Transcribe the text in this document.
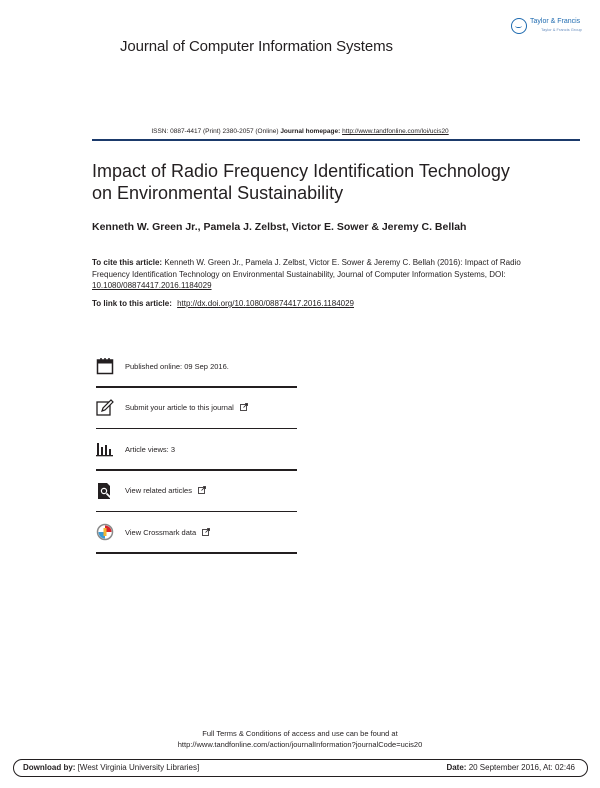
Journal of Computer Information Systems
Taylor & Francis
Taylor & Francis Group
ISSN: 0887-4417 (Print) 2380-2057 (Online) Journal homepage: http://www.tandfonline.com/loi/ucis20
Impact of Radio Frequency Identification Technology on Environmental Sustainability
Kenneth W. Green Jr., Pamela J. Zelbst, Victor E. Sower & Jeremy C. Bellah
To cite this article: Kenneth W. Green Jr., Pamela J. Zelbst, Victor E. Sower & Jeremy C. Bellah (2016): Impact of Radio Frequency Identification Technology on Environmental Sustainability, Journal of Computer Information Systems, DOI: 10.1080/08874417.2016.1184029
To link to this article: http://dx.doi.org/10.1080/08874417.2016.1184029
Published online: 09 Sep 2016.
Submit your article to this journal
Article views: 3
View related articles
View Crossmark data
Full Terms & Conditions of access and use can be found at
http://www.tandfonline.com/action/journalInformation?journalCode=ucis20
Download by: [West Virginia University Libraries]	Date: 20 September 2016, At: 02:46
